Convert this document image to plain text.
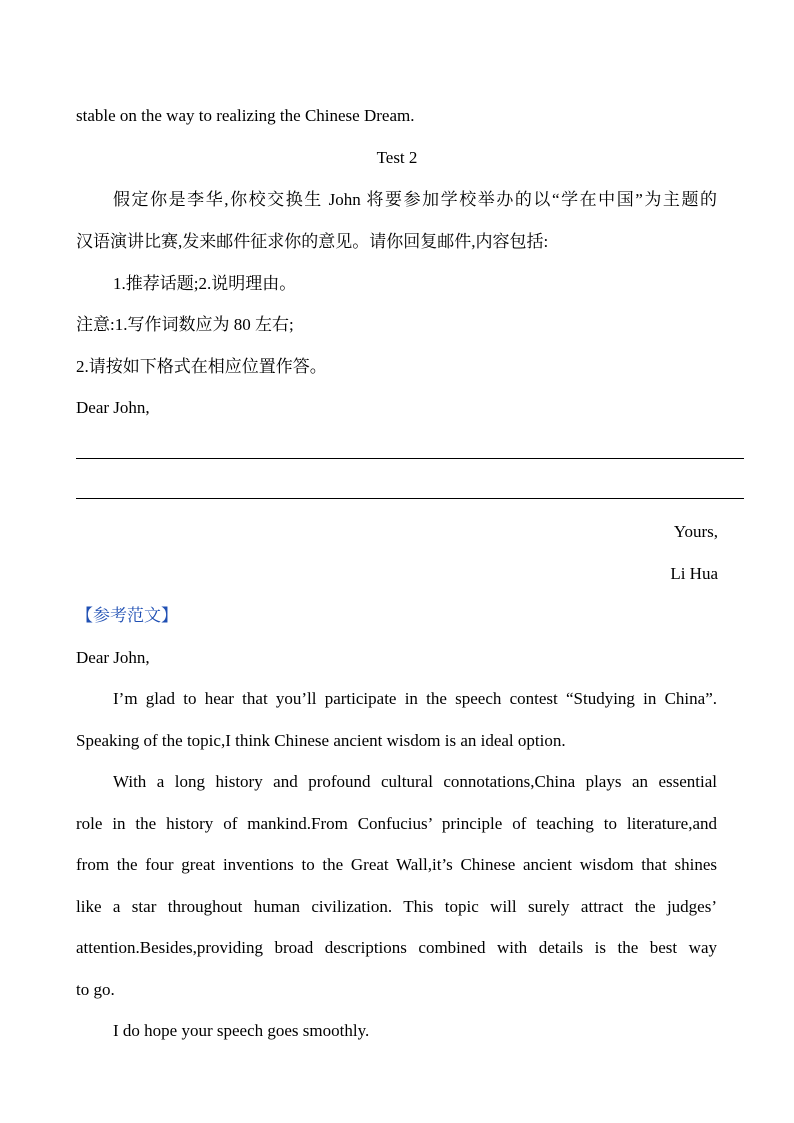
stable on the way to realizing the Chinese Dream.
Test 2
假定你是李华,你校交换生 John 将要参加学校举办的以“学在中国”为主题的
汉语演讲比赛,发来邮件征求你的意见。请你回复邮件,内容包括:
1.推荐话题;2.说明理由。
注意:1.写作词数应为 80 左右;
2.请按如下格式在相应位置作答。
Dear John,
Yours,
Li Hua
【参考范文】
Dear John,
I’m glad to hear that you’ll participate in the speech contest “Studying in China”.
Speaking of the topic,I think Chinese ancient wisdom is an ideal option.
With a long history and profound cultural connotations,China plays an essential
role in the history of mankind.From Confucius’ principle of teaching to literature,and
from the four great inventions to the Great Wall,it’s Chinese ancient wisdom that shines
like a star throughout human civilization. This topic will surely attract the judges’
attention.Besides,providing broad descriptions combined with details is the best way
to go.
I do hope your speech goes smoothly.
